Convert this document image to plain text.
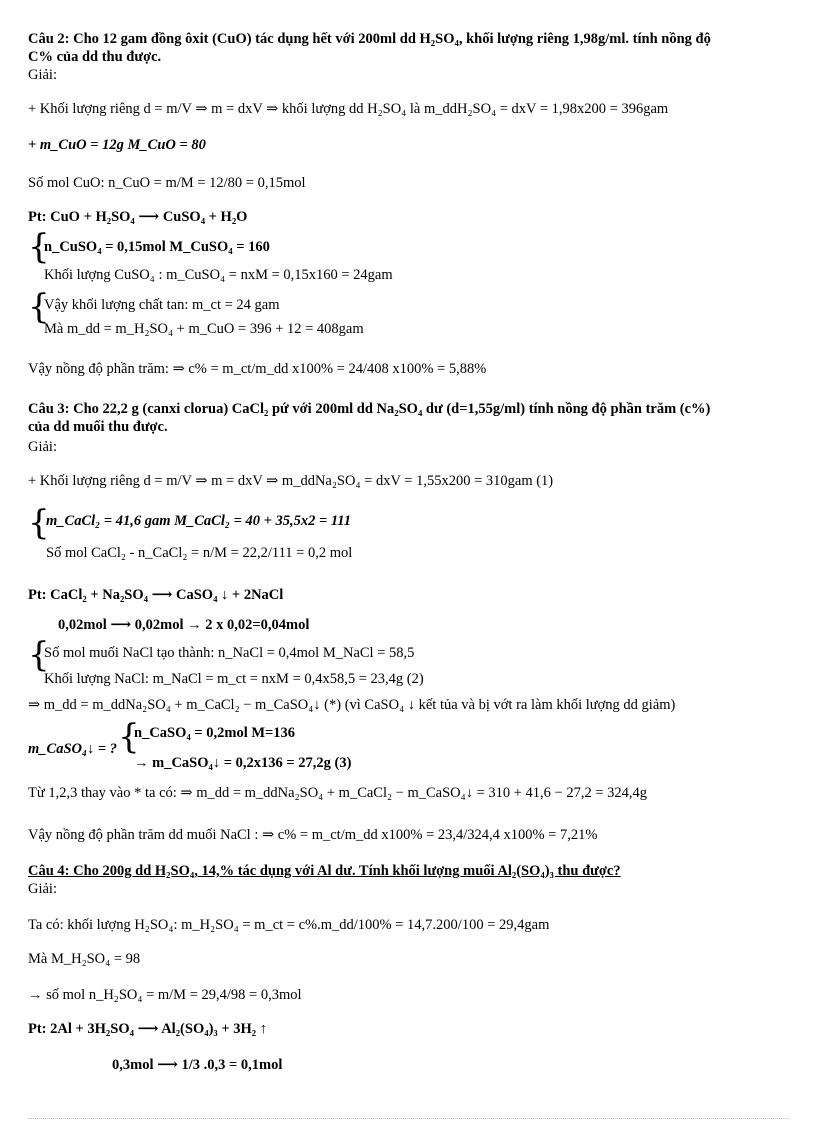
Câu 2: Cho 12 gam đồng ôxit (CuO) tác dụng hết với 200ml dd H₂SO₄, khối lượng riêng 1,98g/ml. tính nồng độ
C% của dd thu được.
Giải:
+ Khối lượng riêng d = m/V ⇒ m = dxV ⇒ khối lượng dd H₂SO₄ là m_ddH₂SO₄ = dxV = 1,98x200 = 396gam
+ m_CuO = 12g M_CuO = 80
Số mol CuO: n_CuO = m/M = 12/80 = 0,15mol
Pt: CuO + H₂SO₄ ⟶ CuSO₄ + H₂O
{
n_CuSO₄ = 0,15mol M_CuSO₄ = 160
Khối lượng CuSO₄ : m_CuSO₄ = nxM = 0,15x160 = 24gam
{
Vậy khối lượng chất tan: m_ct = 24 gam
Mà m_dd = m_H₂SO₄ + m_CuO = 396 + 12 = 408gam
Vậy nồng độ phần trăm: ⇒ c% = m_ct/m_dd x100% = 24/408 x100% = 5,88%
Câu 3: Cho 22,2 g (canxi clorua) CaCl₂ pứ với 200ml dd Na₂SO₄ dư (d=1,55g/ml) tính nồng độ phần trăm (c%)
của dd muối thu được.
Giải:
+ Khối lượng riêng d = m/V ⇒ m = dxV ⇒ m_ddNa₂SO₄ = dxV = 1,55x200 = 310gam (1)
{
m_CaCl₂ = 41,6 gam M_CaCl₂ = 40 + 35,5x2 = 111
Số mol CaCl₂ - n_CaCl₂ = n/M = 22,2/111 = 0,2 mol
Pt: CaCl₂ + Na₂SO₄ ⟶ CaSO₄ ↓ + 2NaCl
0,02mol ⟶ 0,02mol → 2 x 0,02=0,04mol
{
Số mol muối NaCl tạo thành: n_NaCl = 0,4mol M_NaCl = 58,5
Khối lượng NaCl: m_NaCl = m_ct = nxM = 0,4x58,5 = 23,4g (2)
⇒ m_dd = m_ddNa₂SO₄ + m_CaCl₂ − m_CaSO₄↓ (*) (vì CaSO₄ ↓ kết tủa và bị vớt ra làm khối lượng dd giảm)
m_CaSO₄↓ = ? {
n_CaSO₄ = 0,2mol M=136
→ m_CaSO₄↓ = 0,2x136 = 27,2g (3)
Từ 1,2,3 thay vào * ta có: ⇒ m_dd = m_ddNa₂SO₄ + m_CaCl₂ − m_CaSO₄↓ = 310 + 41,6 − 27,2 = 324,4g
Vậy nồng độ phần trăm dd muối NaCl : ⇒ c% = m_ct/m_dd x100% = 23,4/324,4 x100% = 7,21%
Câu 4: Cho 200g dd H₂SO₄, 14,% tác dụng với Al dư. Tính khối lượng muối Al₂(SO₄)₃ thu được?
Giải:
Ta có: khối lượng H₂SO₄: m_H₂SO₄ = m_ct = c%.m_dd/100% = 14,7.200/100 = 29,4gam
Mà M_H₂SO₄ = 98
→ số mol n_H₂SO₄ = m/M = 29,4/98 = 0,3mol
Pt: 2Al + 3H₂SO₄ ⟶ Al₂(SO₄)₃ + 3H₂ ↑
0,3mol ⟶ 1/3 .0,3 = 0,1mol
